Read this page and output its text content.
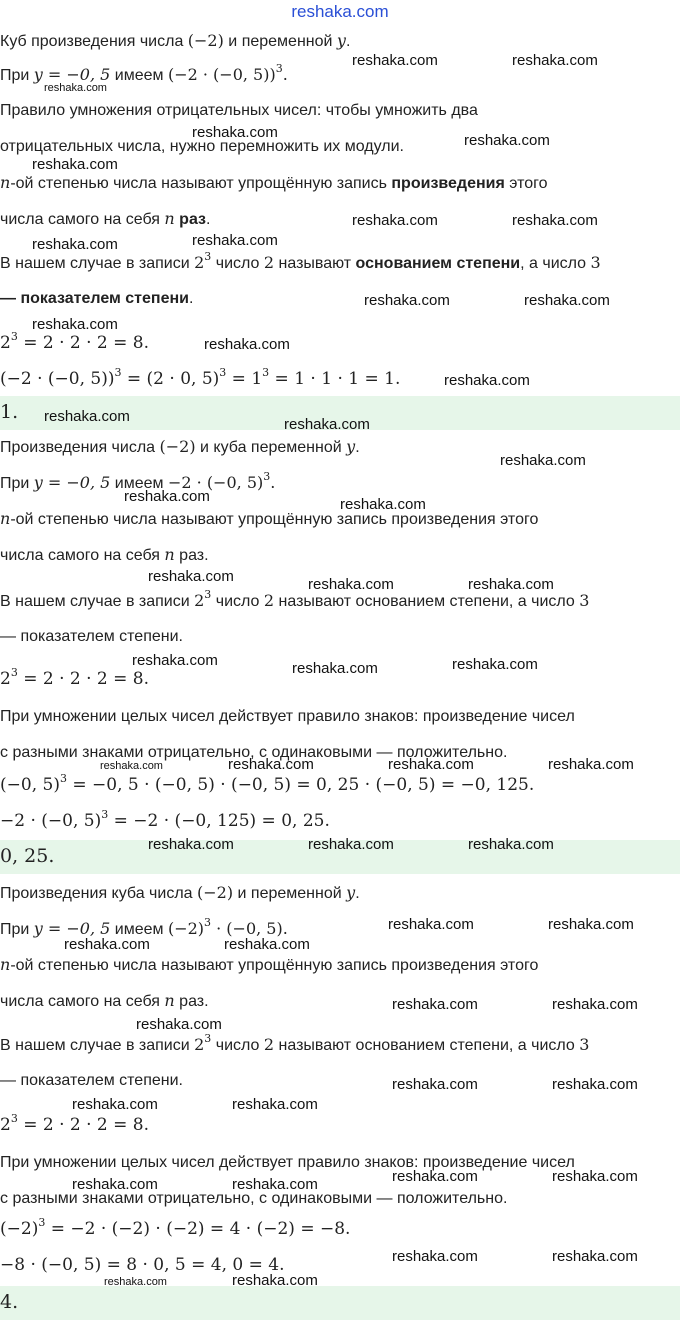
reshaka.com
Куб произведения числа (−2) и переменной y.
При y = −0, 5 имеем (−2 · (−0, 5))$^3$.
Правило умножения отрицательных чисел: чтобы умножить два
отрицательных числа, нужно перемножить их модули.
n-ой степенью числа называют упрощённую запись произведения этого
числа самого на себя n раз.
В нашем случае в записи $2^3$ число 2 называют основанием степени, а число 3
— показателем степени.
$2^3 = 2 \cdot 2 \cdot 2 = 8$.
(−2 · (−0, 5))$^3$ = (2 · 0, $5)^3 = 1^3 = 1 \cdot 1 \cdot 1 = 1$.
1.
Произведения числа (−2) и куба переменной y.
При y = −0, 5 имеем −2 · (−0, 5)$^3$.
n-ой степенью числа называют упрощённую запись произведения этого
числа самого на себя n раз.
В нашем случае в записи $2^3$ число 2 называют основанием степени, а число 3
— показателем степени.
$2^3 = 2 \cdot 2 \cdot 2 = 8$.
При умножении целых чисел действует правило знаков: произведение чисел
с разными знаками отрицательно, с одинаковыми — положительно.
(−0, 5)$^3$ = −0, 5 · (−0, 5) · (−0, 5) = 0, 25 · (−0, 5) = −0, 125.
−2 · (−0, 5)$^3$ = −2 · (−0, 125) = 0, 25.
0, 25.
Произведения куба числа (−2) и переменной y.
При y = −0, 5 имеем $(-2)^3 \cdot (-0$, 5).
n-ой степенью числа называют упрощённую запись произведения этого
числа самого на себя n раз.
В нашем случае в записи $2^3$ число 2 называют основанием степени, а число 3
— показателем степени.
$2^3 = 2 \cdot 2 \cdot 2 = 8$.
При умножении целых чисел действует правило знаков: произведение чисел
с разными знаками отрицательно, с одинаковыми — положительно.
$(-2)^3 = -2 \cdot (-2) \cdot (-2) = 4 \cdot (-2) = -8$.
−8 · (−0, 5) = 8 · 0, 5 = 4, 0 = 4.
4.
reshaka.com	reshaka.com
reshaka.com
reshaka.com	reshaka.com
reshaka.com
reshaka.com	reshaka.com
reshaka.com
reshaka.com
reshaka.com	reshaka.com
reshaka.com
reshaka.com
reshaka.com
reshaka.com	reshaka.com
reshaka.com
reshaka.com	reshaka.com
reshaka.com	reshaka.com	reshaka.com
reshaka.com	reshaka.com	reshaka.com
reshaka.com	reshaka.com	reshaka.com	reshaka.com
reshaka.com	reshaka.com	reshaka.com
reshaka.com	reshaka.com
reshaka.com	reshaka.com
reshaka.com	reshaka.com
reshaka.com
reshaka.com	reshaka.com
reshaka.com	reshaka.com
reshaka.com	reshaka.com
reshaka.com	reshaka.com
reshaka.com	reshaka.com
reshaka.com	reshaka.com
